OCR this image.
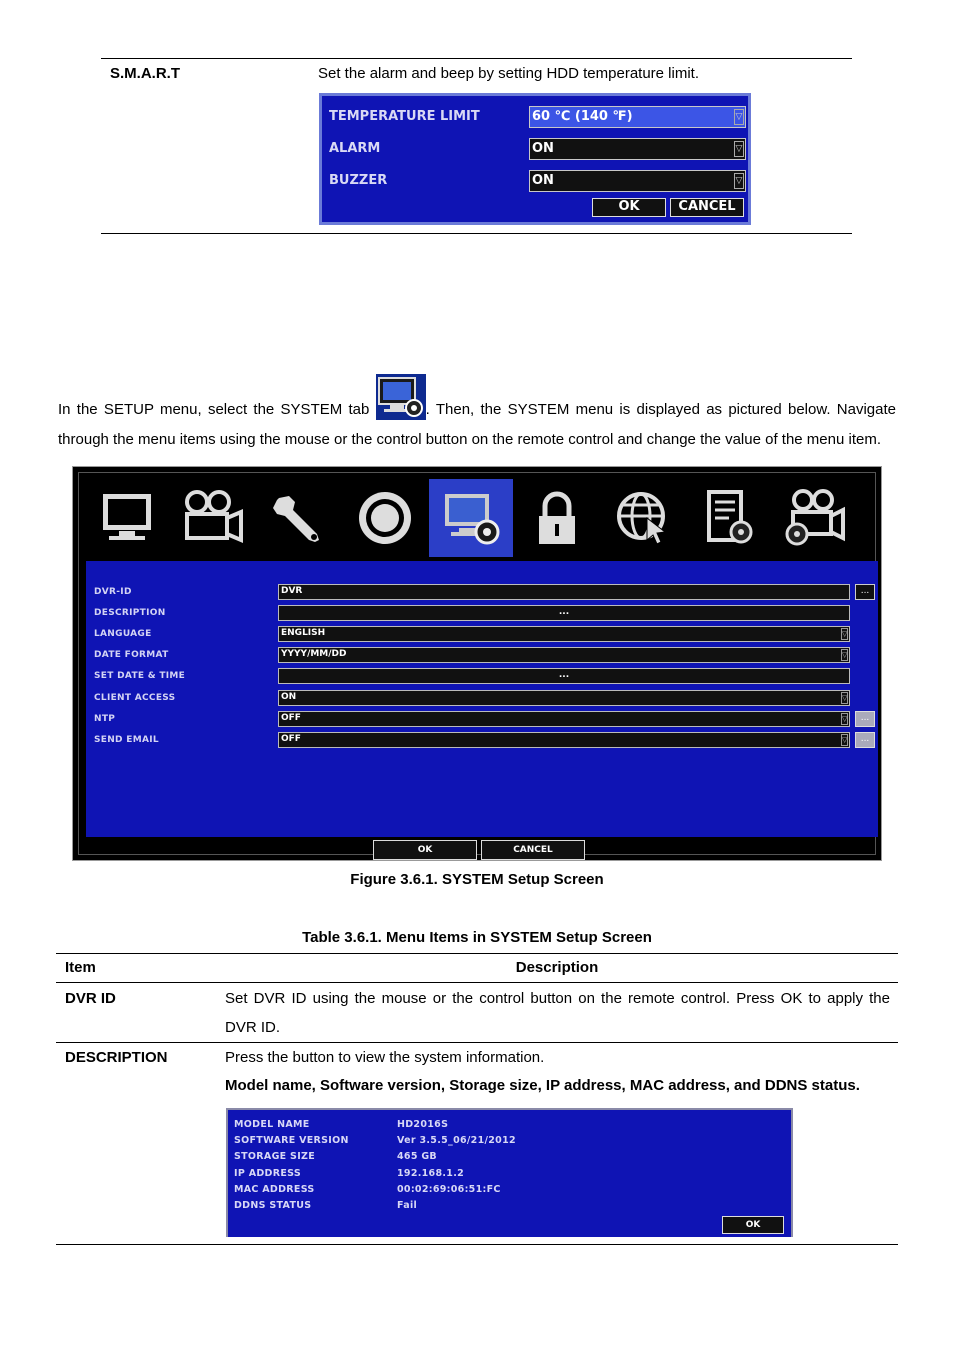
S.M.A.R.T	Set the alarm and beep by setting HDD temperature limit.
TEMPERATURE LIMIT	60 ℃ (140 ℉)	▽
ALARM	ON	▽
BUZZER	ON	▽
OK	CANCEL
In the SETUP menu, select the SYSTEM tab	. Then, the SYSTEM menu is displayed as pictured below. Navigate through the menu items using the mouse or the control button on the remote control and change the value of the menu item.
DVR-ID	DVR	...
DESCRIPTION	...
LANGUAGE	ENGLISH	▽
DATE FORMAT	YYYY/MM/DD	▽
SET DATE & TIME	...
CLIENT ACCESS	ON	▽
NTP	OFF	▽	...
SEND EMAIL	OFF	▽	...
OK	CANCEL
Figure 3.6.1. SYSTEM Setup Screen
Table 3.6.1. Menu Items in SYSTEM Setup Screen
Item	Description
DVR ID	Set DVR ID using the mouse or the control button on the remote control. Press OK to apply the DVR ID.
DESCRIPTION	Press the button to view the system information.
Model name, Software version, Storage size, IP address, MAC address, and DDNS status.
MODEL NAME	HD2016S
SOFTWARE VERSION	Ver 3.5.5_06/21/2012
STORAGE SIZE	465 GB
IP ADDRESS	192.168.1.2
MAC ADDRESS	00:02:69:06:51:FC
DDNS STATUS	Fail
OK
